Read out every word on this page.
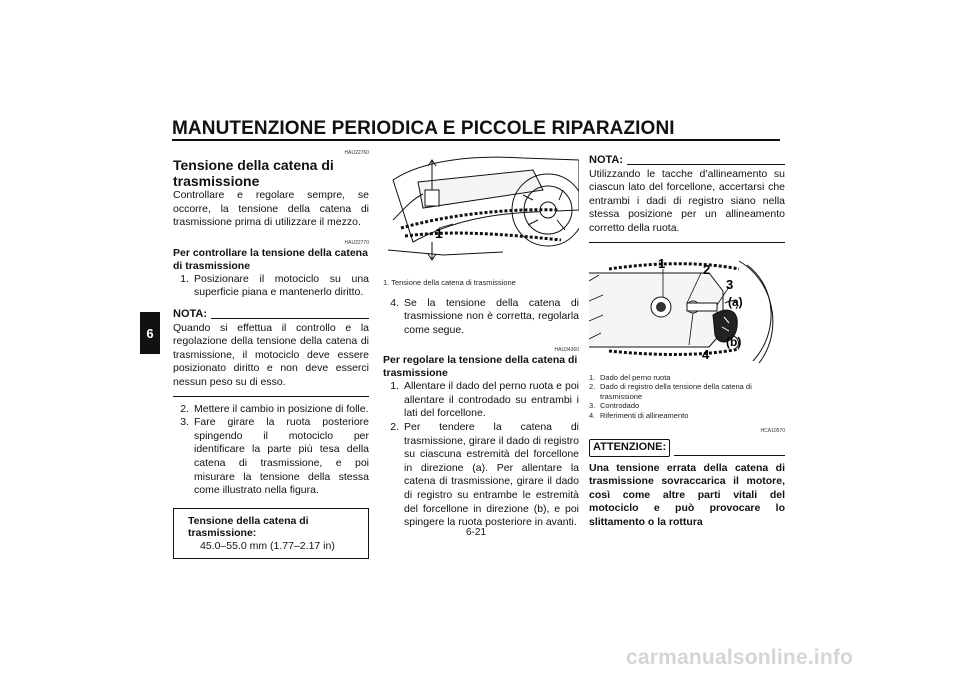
MANUTENZIONE PERIODICA E PICCOLE RIPARAZIONI
6
HAU22760
Tensione della catena di trasmissione

Controllare e regolare sempre, se occorre, la tensione della catena di trasmissione prima di utilizzare il mezzo.

HAU22770
Per controllare la tensione della catena di trasmissione
1. Posizionare il motociclo su una superficie piana e mantenerlo diritto.
NOTA:

Quando si effettua il controllo e la regolazione della tensione della catena di trasmissione, il motociclo deve essere posizionato diritto e non deve esserci nessun peso su di esso.

2. Mettere il cambio in posizione di folle.
3. Fare girare la ruota posteriore spingendo il motociclo per identificare la parte più tesa della catena di trasmissione, e poi misurare la tensione della stessa come illustrato nella figura.
Tensione della catena di trasmissione:
45.0–55.0 mm (1.77–2.17 in)
1
1. Tensione della catena di trasmissione
4. Se la tensione della catena di trasmissione non è corretta, regolarla come segue.
HAU34360
Per regolare la tensione della catena di trasmissione
1. Allentare il dado del perno ruota e poi allentare il controdado su entrambi i lati del forcellone.
2. Per tendere la catena di trasmissione, girare il dado di registro su ciascuna estremità del forcellone in direzione (a). Per allentare la catena di trasmissione, girare il dado di registro su entrambe le estremità del forcellone in direzione (b), e poi spingere la ruota posteriore in avanti.
NOTA:

Utilizzando le tacche d’allineamento su ciascun lato del forcellone, accertarsi che entrambi i dadi di registro siano nella stessa posizione per un allineamento corretto della ruota.

1	2
3
(a)
(b)
4
1. Dado del perno ruota
2. Dado di registro della tensione della catena di trasmissione
3. Controdado
4. Riferimenti di allineamento
HCA10570
ATTENZIONE:
Una tensione errata della catena di trasmissione sovraccarica il motore, così come altre parti vitali del motociclo e può provocare lo slittamento o la rottura
6-21
carmanualsonline.info
